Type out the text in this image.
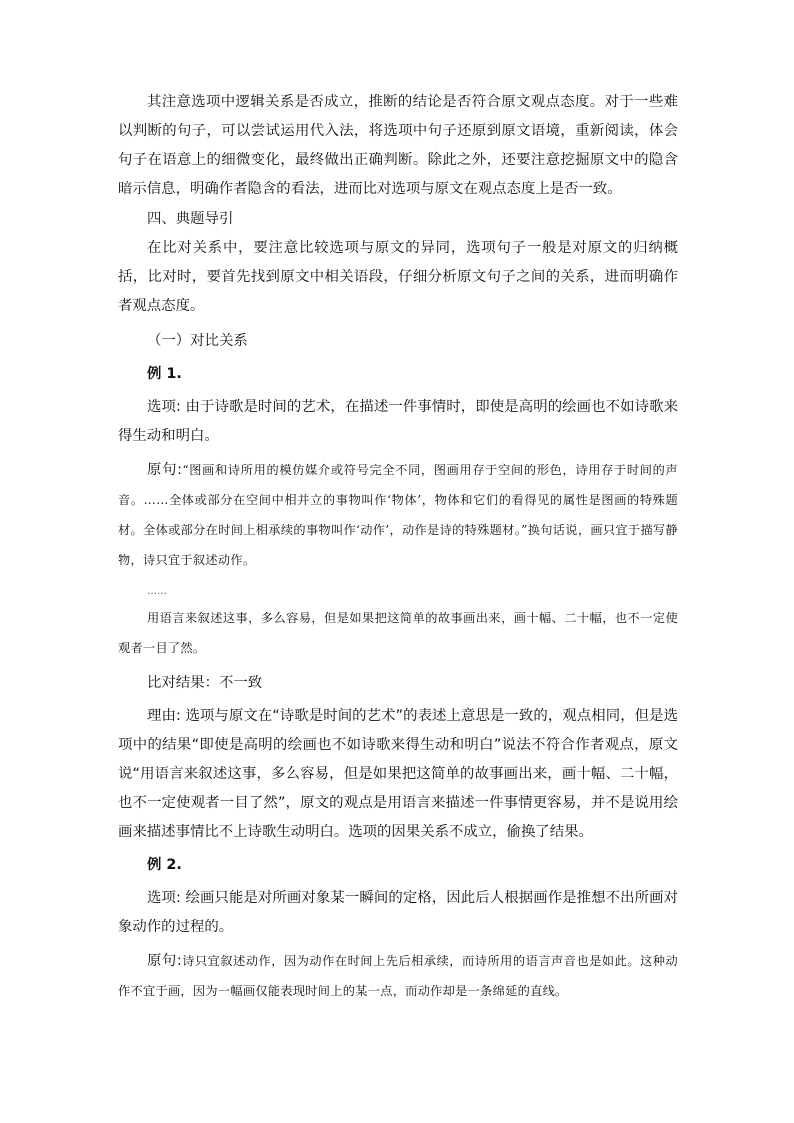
其注意选项中逻辑关系是否成立，推断的结论是否符合原文观点态度。对于一些难以判断的句子，可以尝试运用代入法，将选项中句子还原到原文语境，重新阅读，体会句子在语意上的细微变化，最终做出正确判断。除此之外，还要注意挖掘原文中的隐含暗示信息，明确作者隐含的看法，进而比对选项与原文在观点态度上是否一致。

四、典题导引

在比对关系中，要注意比较选项与原文的异同，选项句子一般是对原文的归纳概括，比对时，要首先找到原文中相关语段，仔细分析原文句子之间的关系，进而明确作者观点态度。

（一）对比关系

例 1.

选项: 由于诗歌是时间的艺术，在描述一件事情时，即使是高明的绘画也不如诗歌来得生动和明白。

原句:“图画和诗所用的模仿媒介或符号完全不同，图画用存于空间的形色，诗用存于时间的声音。……全体或部分在空间中相并立的事物叫作‘物体’，物体和它们的看得见的属性是图画的特殊题材。全体或部分在时间上相承续的事物叫作‘动作’，动作是诗的特殊题材。”换句话说，画只宜于描写静物，诗只宜于叙述动作。

……

用语言来叙述这事，多么容易，但是如果把这简单的故事画出来，画十幅、二十幅，也不一定使观者一目了然。

比对结果：不一致

理由: 选项与原文在“诗歌是时间的艺术”的表述上意思是一致的，观点相同，但是选项中的结果“即使是高明的绘画也不如诗歌来得生动和明白”说法不符合作者观点，原文说“用语言来叙述这事，多么容易，但是如果把这简单的故事画出来，画十幅、二十幅，也不一定使观者一目了然”，原文的观点是用语言来描述一件事情更容易，并不是说用绘画来描述事情比不上诗歌生动明白。选项的因果关系不成立，偷换了结果。

例 2.

选项: 绘画只能是对所画对象某一瞬间的定格，因此后人根据画作是推想不出所画对象动作的过程的。

原句:诗只宜叙述动作，因为动作在时间上先后相承续，而诗所用的语言声音也是如此。这种动作不宜于画，因为一幅画仅能表现时间上的某一点，而动作却是一条绵延的直线。
